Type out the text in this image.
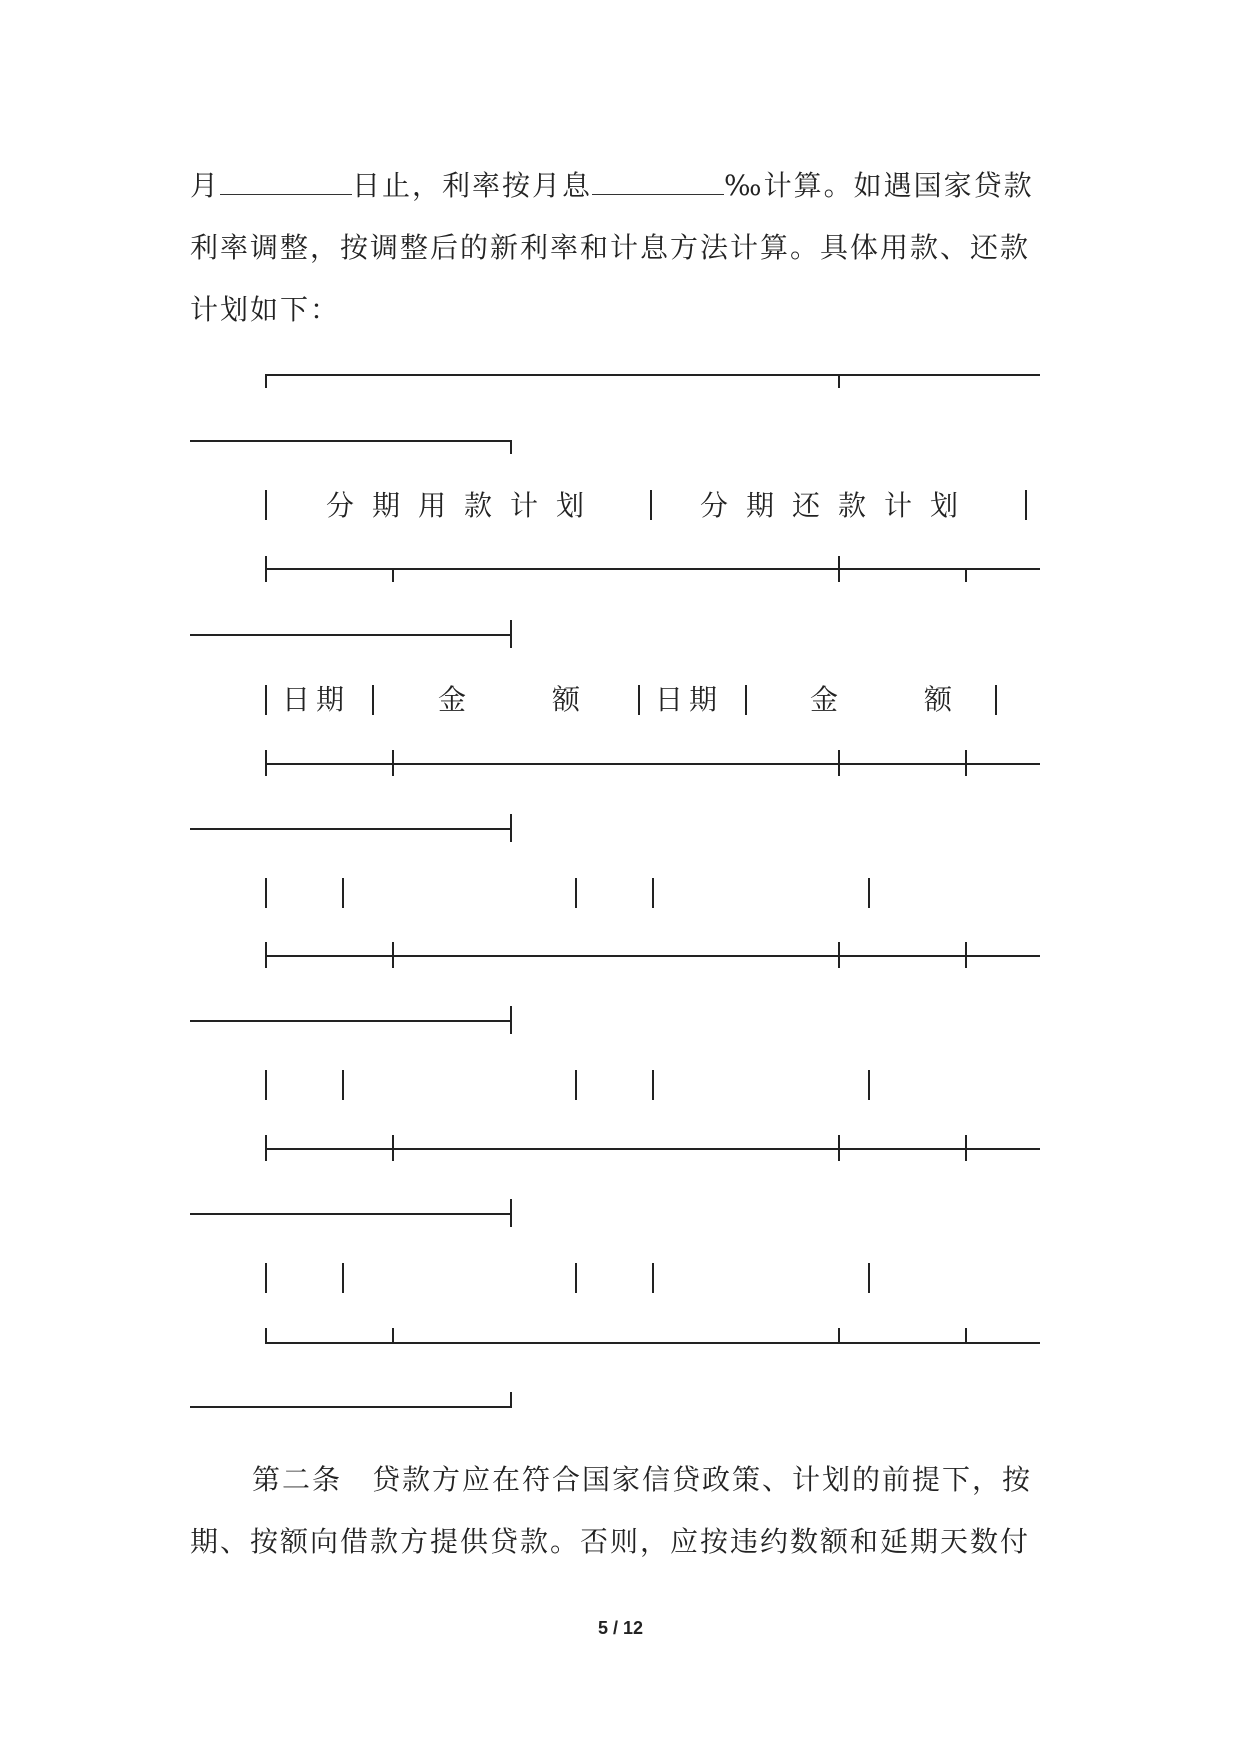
月	日止，利率按月息	‰计算。如遇国家贷款
利率调整，按调整后的新利率和计息方法计算。具体用款、还款
计划如下：
分期用款计划	分期还款计划
日期	金　　额 日期	金　　额
第二条　贷款方应在符合国家信贷政策、计划的前提下，按
期、按额向借款方提供贷款。否则，应按违约数额和延期天数付
5 / 12
